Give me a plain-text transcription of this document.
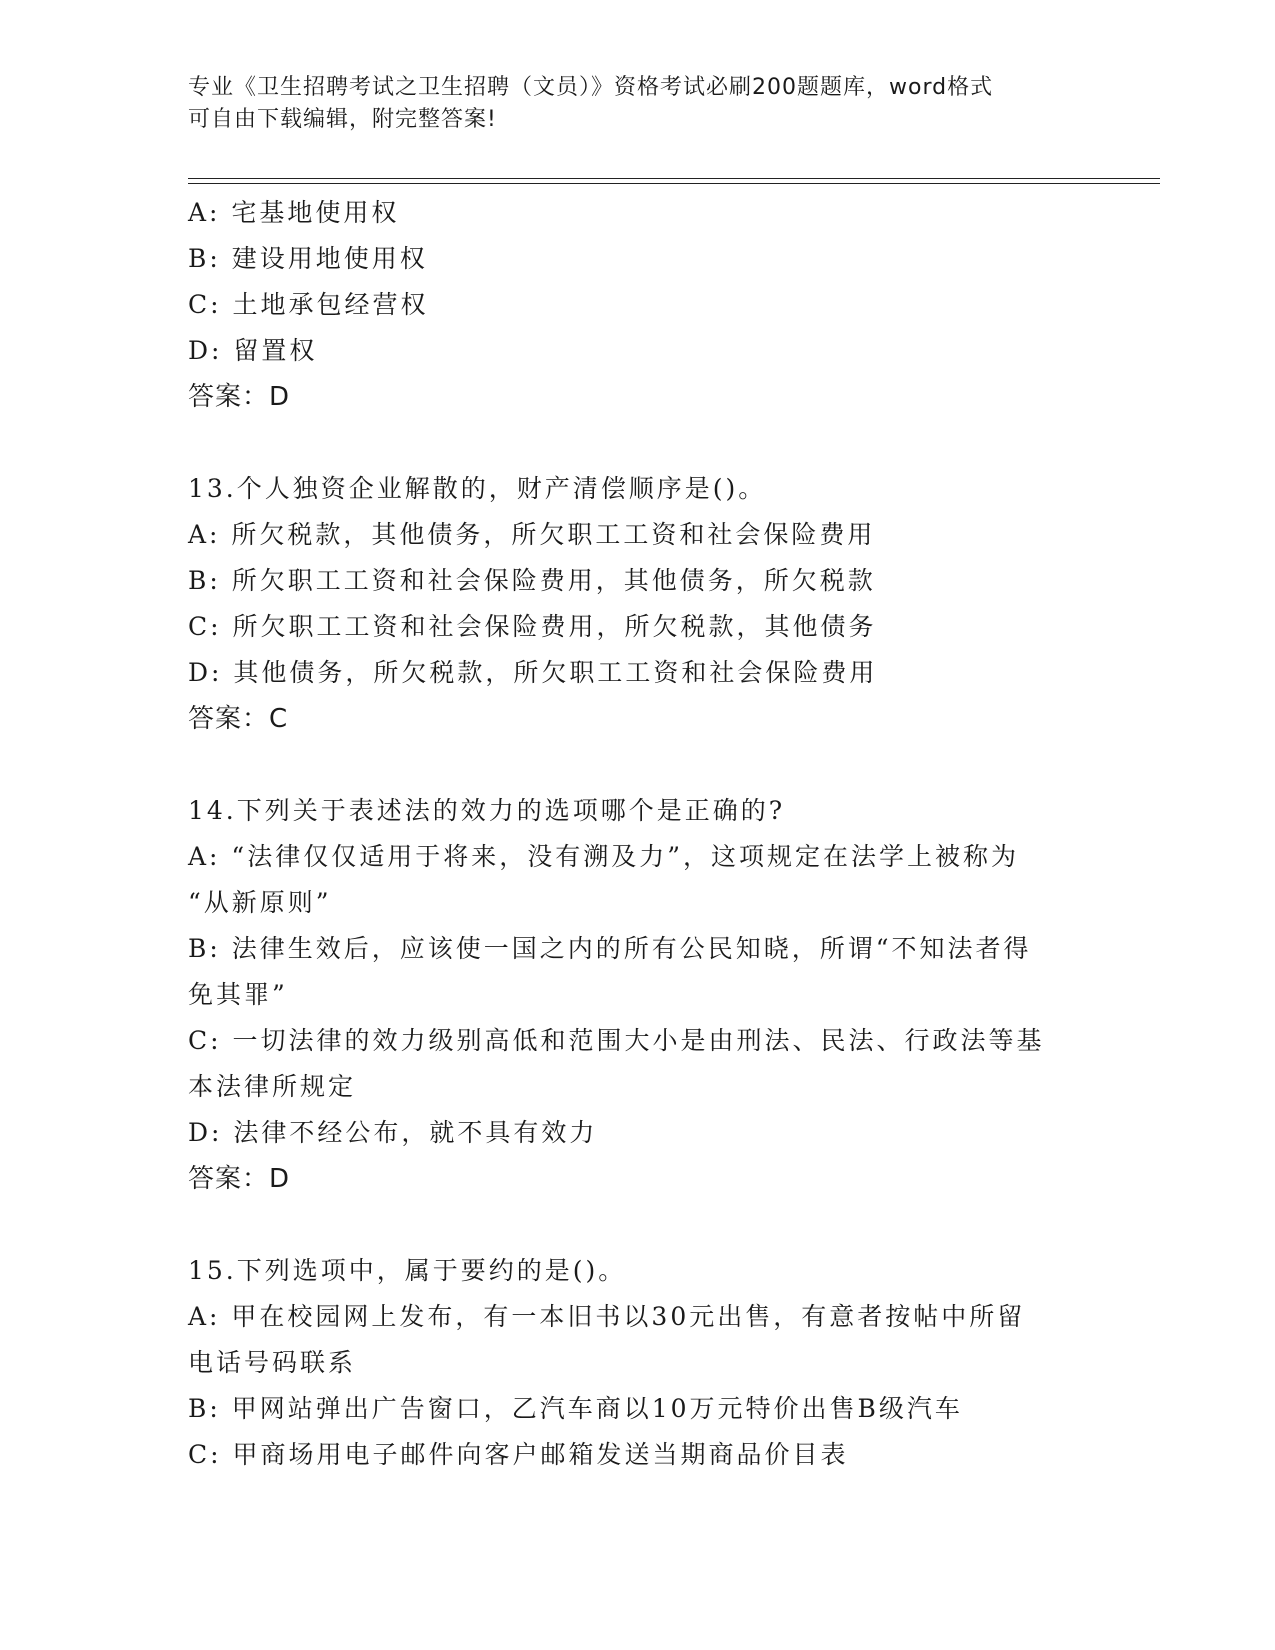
专业《卫生招聘考试之卫生招聘（文员）》资格考试必刷200题题库，word格式
可自由下载编辑，附完整答案!
A: 宅基地使用权
B: 建设用地使用权
C: 土地承包经营权
D: 留置权
答案：D
13.个人独资企业解散的，财产清偿顺序是()。
A: 所欠税款，其他债务，所欠职工工资和社会保险费用
B: 所欠职工工资和社会保险费用，其他债务，所欠税款
C: 所欠职工工资和社会保险费用，所欠税款，其他债务
D: 其他债务，所欠税款，所欠职工工资和社会保险费用
答案：C
14.下列关于表述法的效力的选项哪个是正确的?
A: “法律仅仅适用于将来，没有溯及力”，这项规定在法学上被称为
“从新原则”
B: 法律生效后，应该使一国之内的所有公民知晓，所谓“不知法者得
免其罪”
C: 一切法律的效力级别高低和范围大小是由刑法、民法、行政法等基
本法律所规定
D: 法律不经公布，就不具有效力
答案：D
15.下列选项中，属于要约的是()。
A: 甲在校园网上发布，有一本旧书以30元出售，有意者按帖中所留
电话号码联系
B: 甲网站弹出广告窗口，乙汽车商以10万元特价出售B级汽车
C: 甲商场用电子邮件向客户邮箱发送当期商品价目表
